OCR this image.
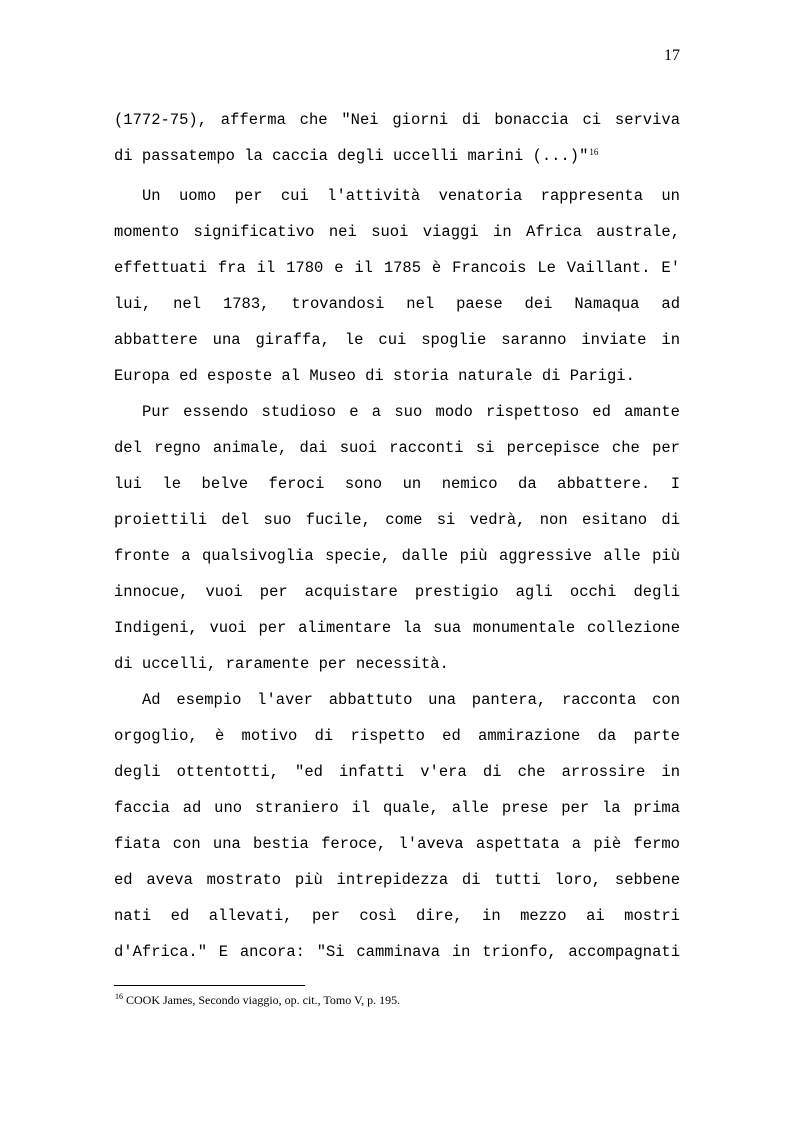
17
(1772-75), afferma che "Nei giorni di bonaccia ci serviva
di passatempo la caccia degli uccelli marini (...)"$^{16}$
Un uomo per cui l'attività venatoria rappresenta un
momento significativo nei suoi viaggi in Africa australe,
effettuati fra il 1780 e il 1785 è Francois Le Vaillant. E'
lui, nel 1783, trovandosi nel paese dei Namaqua ad
abbattere una giraffa, le cui spoglie saranno inviate in
Europa ed esposte al Museo di storia naturale di Parigi.
Pur essendo studioso e a suo modo rispettoso ed amante
del regno animale, dai suoi racconti si percepisce che per
lui le belve feroci sono un nemico da abbattere. I
proiettili del suo fucile, come si vedrà, non esitano di
fronte a qualsivoglia specie, dalle più aggressive alle più
innocue, vuoi per acquistare prestigio agli occhi degli
Indigeni, vuoi per alimentare la sua monumentale collezione
di uccelli, raramente per necessità.
Ad esempio l'aver abbattuto una pantera, racconta con
orgoglio, è motivo di rispetto ed ammirazione da parte
degli ottentotti, "ed infatti v'era di che arrossire in
faccia ad uno straniero il quale, alle prese per la prima
fiata con una bestia feroce, l'aveva aspettata a piè fermo
ed aveva mostrato più intrepidezza di tutti loro, sebbene
nati ed allevati, per così dire, in mezzo ai mostri
d'Africa." E ancora: "Si camminava in trionfo, accompagnati
$^{16}$ COOK James, Secondo viaggio, op. cit., Tomo V, p. 195.
